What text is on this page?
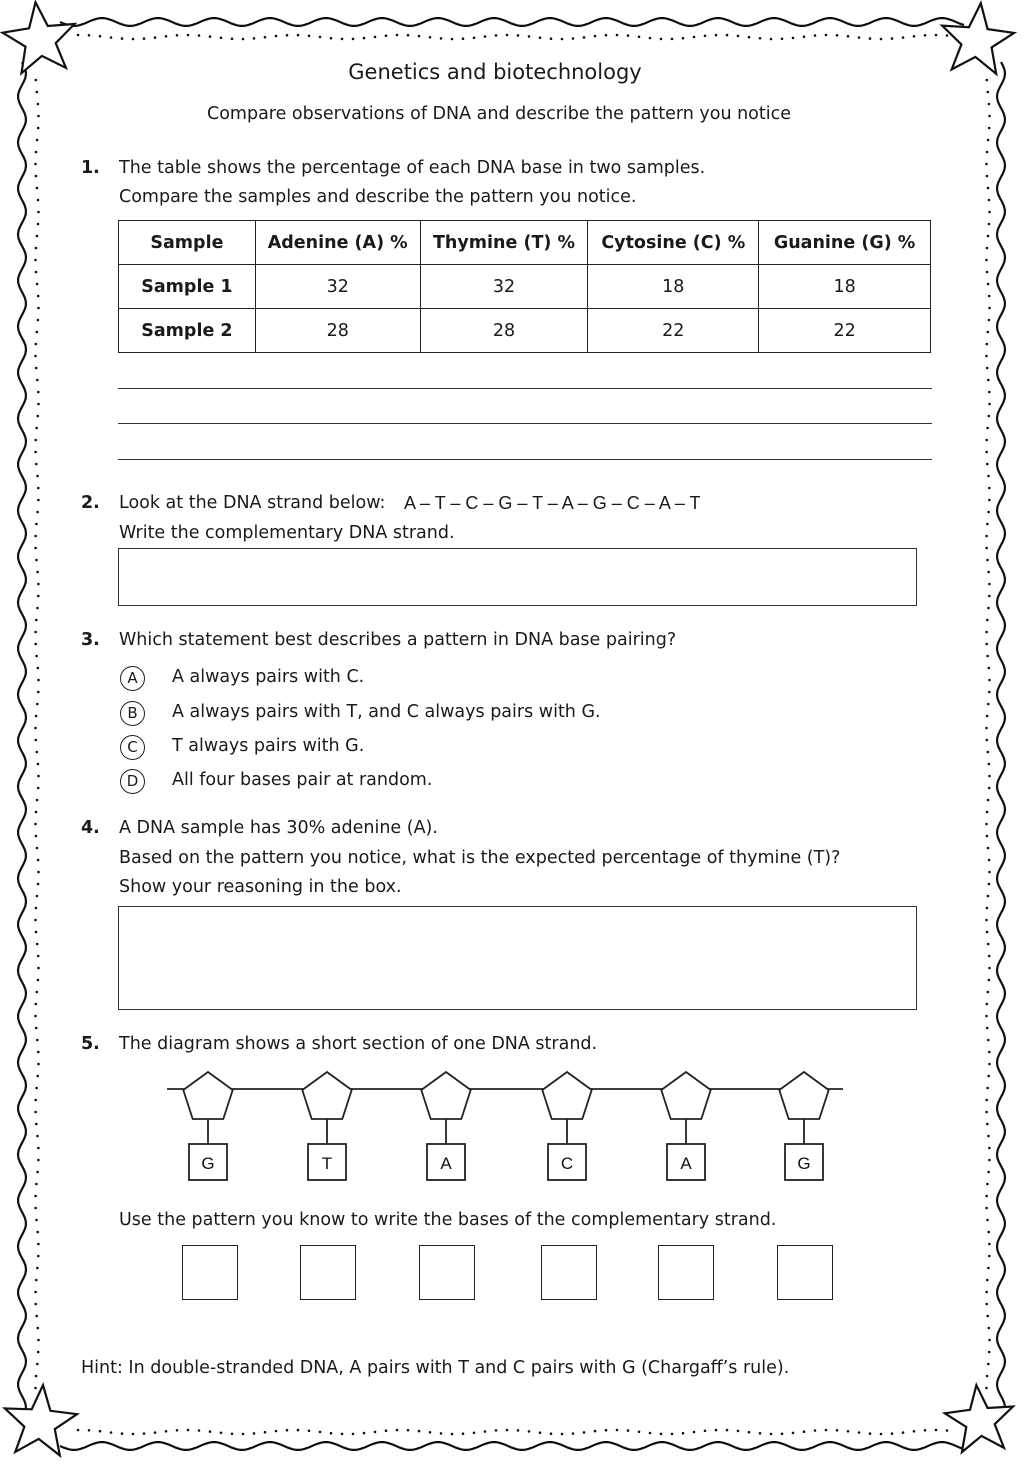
Genetics and biotechnology
Compare observations of DNA and describe the pattern you notice
1. The table shows the percentage of each DNA base in two samples.
Compare the samples and describe the pattern you notice.
Sample	Adenine (A) %	Thymine (T) %	Cytosine (C) %	Guanine (G) %
Sample 1	32	32	18	18
Sample 2	28	28	22	22
2. Look at the DNA strand below: A – T – C – G – T – A – G – C – A – T
Write the complementary DNA strand.
3. Which statement best describes a pattern in DNA base pairing?
A	A always pairs with C.
B	A always pairs with T, and C always pairs with G.
C	T always pairs with G.
D	All four bases pair at random.
4. A DNA sample has 30% adenine (A).
Based on the pattern you notice, what is the expected percentage of thymine (T)?
Show your reasoning in the box.
5. The diagram shows a short section of one DNA strand.
G	T	A	C	A	G
Use the pattern you know to write the bases of the complementary strand.
Hint: In double-stranded DNA, A pairs with T and C pairs with G (Chargaff’s rule).
